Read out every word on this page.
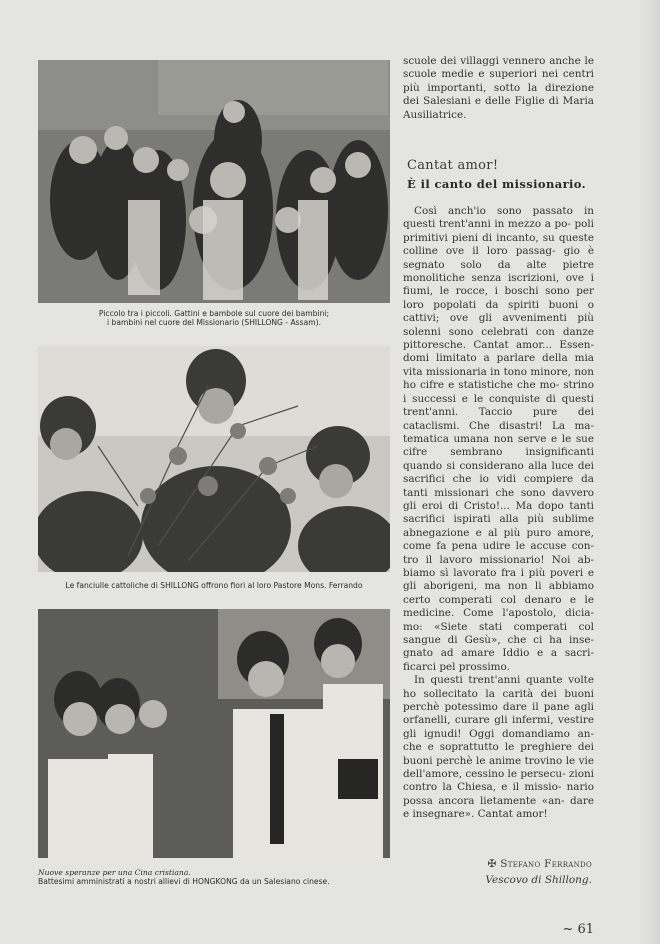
Piccolo tra i piccoli. Gattini e bambole sul cuore dei bambini;
i bambini nel cuore del Missionario (SHILLONG - Assam).

Le fanciulle cattoliche di SHILLONG offrono fiori al loro Pastore Mons. Ferrando

Nuove speranze per una Cina cristiana.
Battesimi amministrati a nostri allievi di HONGKONG da un Salesiano cinese.

scuole dei villaggi vennero anche le scuole medie e superiori nei centri più importanti, sotto la direzione dei Salesiani e delle Figlie di Maria Ausiliatrice.

Cantat amor!
È il canto del missionario.

Così anch'io sono passato in questi trent'anni in mezzo a po- poli primitivi pieni di incanto, su queste colline ove il loro passag- gio è segnato solo da alte pietre monolitiche senza iscrizioni, ove i fiumi, le rocce, i boschi sono per loro popolati da spiriti buoni o cattivi; ove gli avvenimenti più solenni sono celebrati con danze pittoresche. Cantat amor... Essen- domi limitato a parlare della mia vita missionaria in tono minore, non ho cifre e statistiche che mo- strino i successi e le conquiste di questi trent'anni. Taccio pure dei cataclismi. Che disastri! La ma- tematica umana non serve e le sue cifre sembrano insignificanti quando si considerano alla luce dei sacrifici che io vidi compiere da tanti missionari che sono davvero gli eroi di Cristo!... Ma dopo tanti sacrifici ispirati alla più sublime abnegazione e al più puro amore, come fa pena udire le accuse con- tro il lavoro missionario! Noi ab- biamo sì lavorato fra i più poveri e gli aborigeni, ma non li abbiamo certo comperati col denaro e le medicine. Come l'apostolo, dicia- mo: «Siete stati comperati col sangue di Gesù», che ci ha inse- gnato ad amare Iddio e a sacri- ficarci pel prossimo.

In questi trent'anni quante volte ho sollecitato la carità dei buoni perchè potessimo dare il pane agli orfanelli, curare gli infermi, vestire gli ignudi! Oggi domandiamo an- che e soprattutto le preghiere dei buoni perchè le anime trovino le vie dell'amore, cessino le persecu- zioni contro la Chiesa, e il missio- nario possa ancora lietamente «an- dare e insegnare». Cantat amor!

✠ Stefano Ferrando
Vescovo di Shillong.
~ 61
